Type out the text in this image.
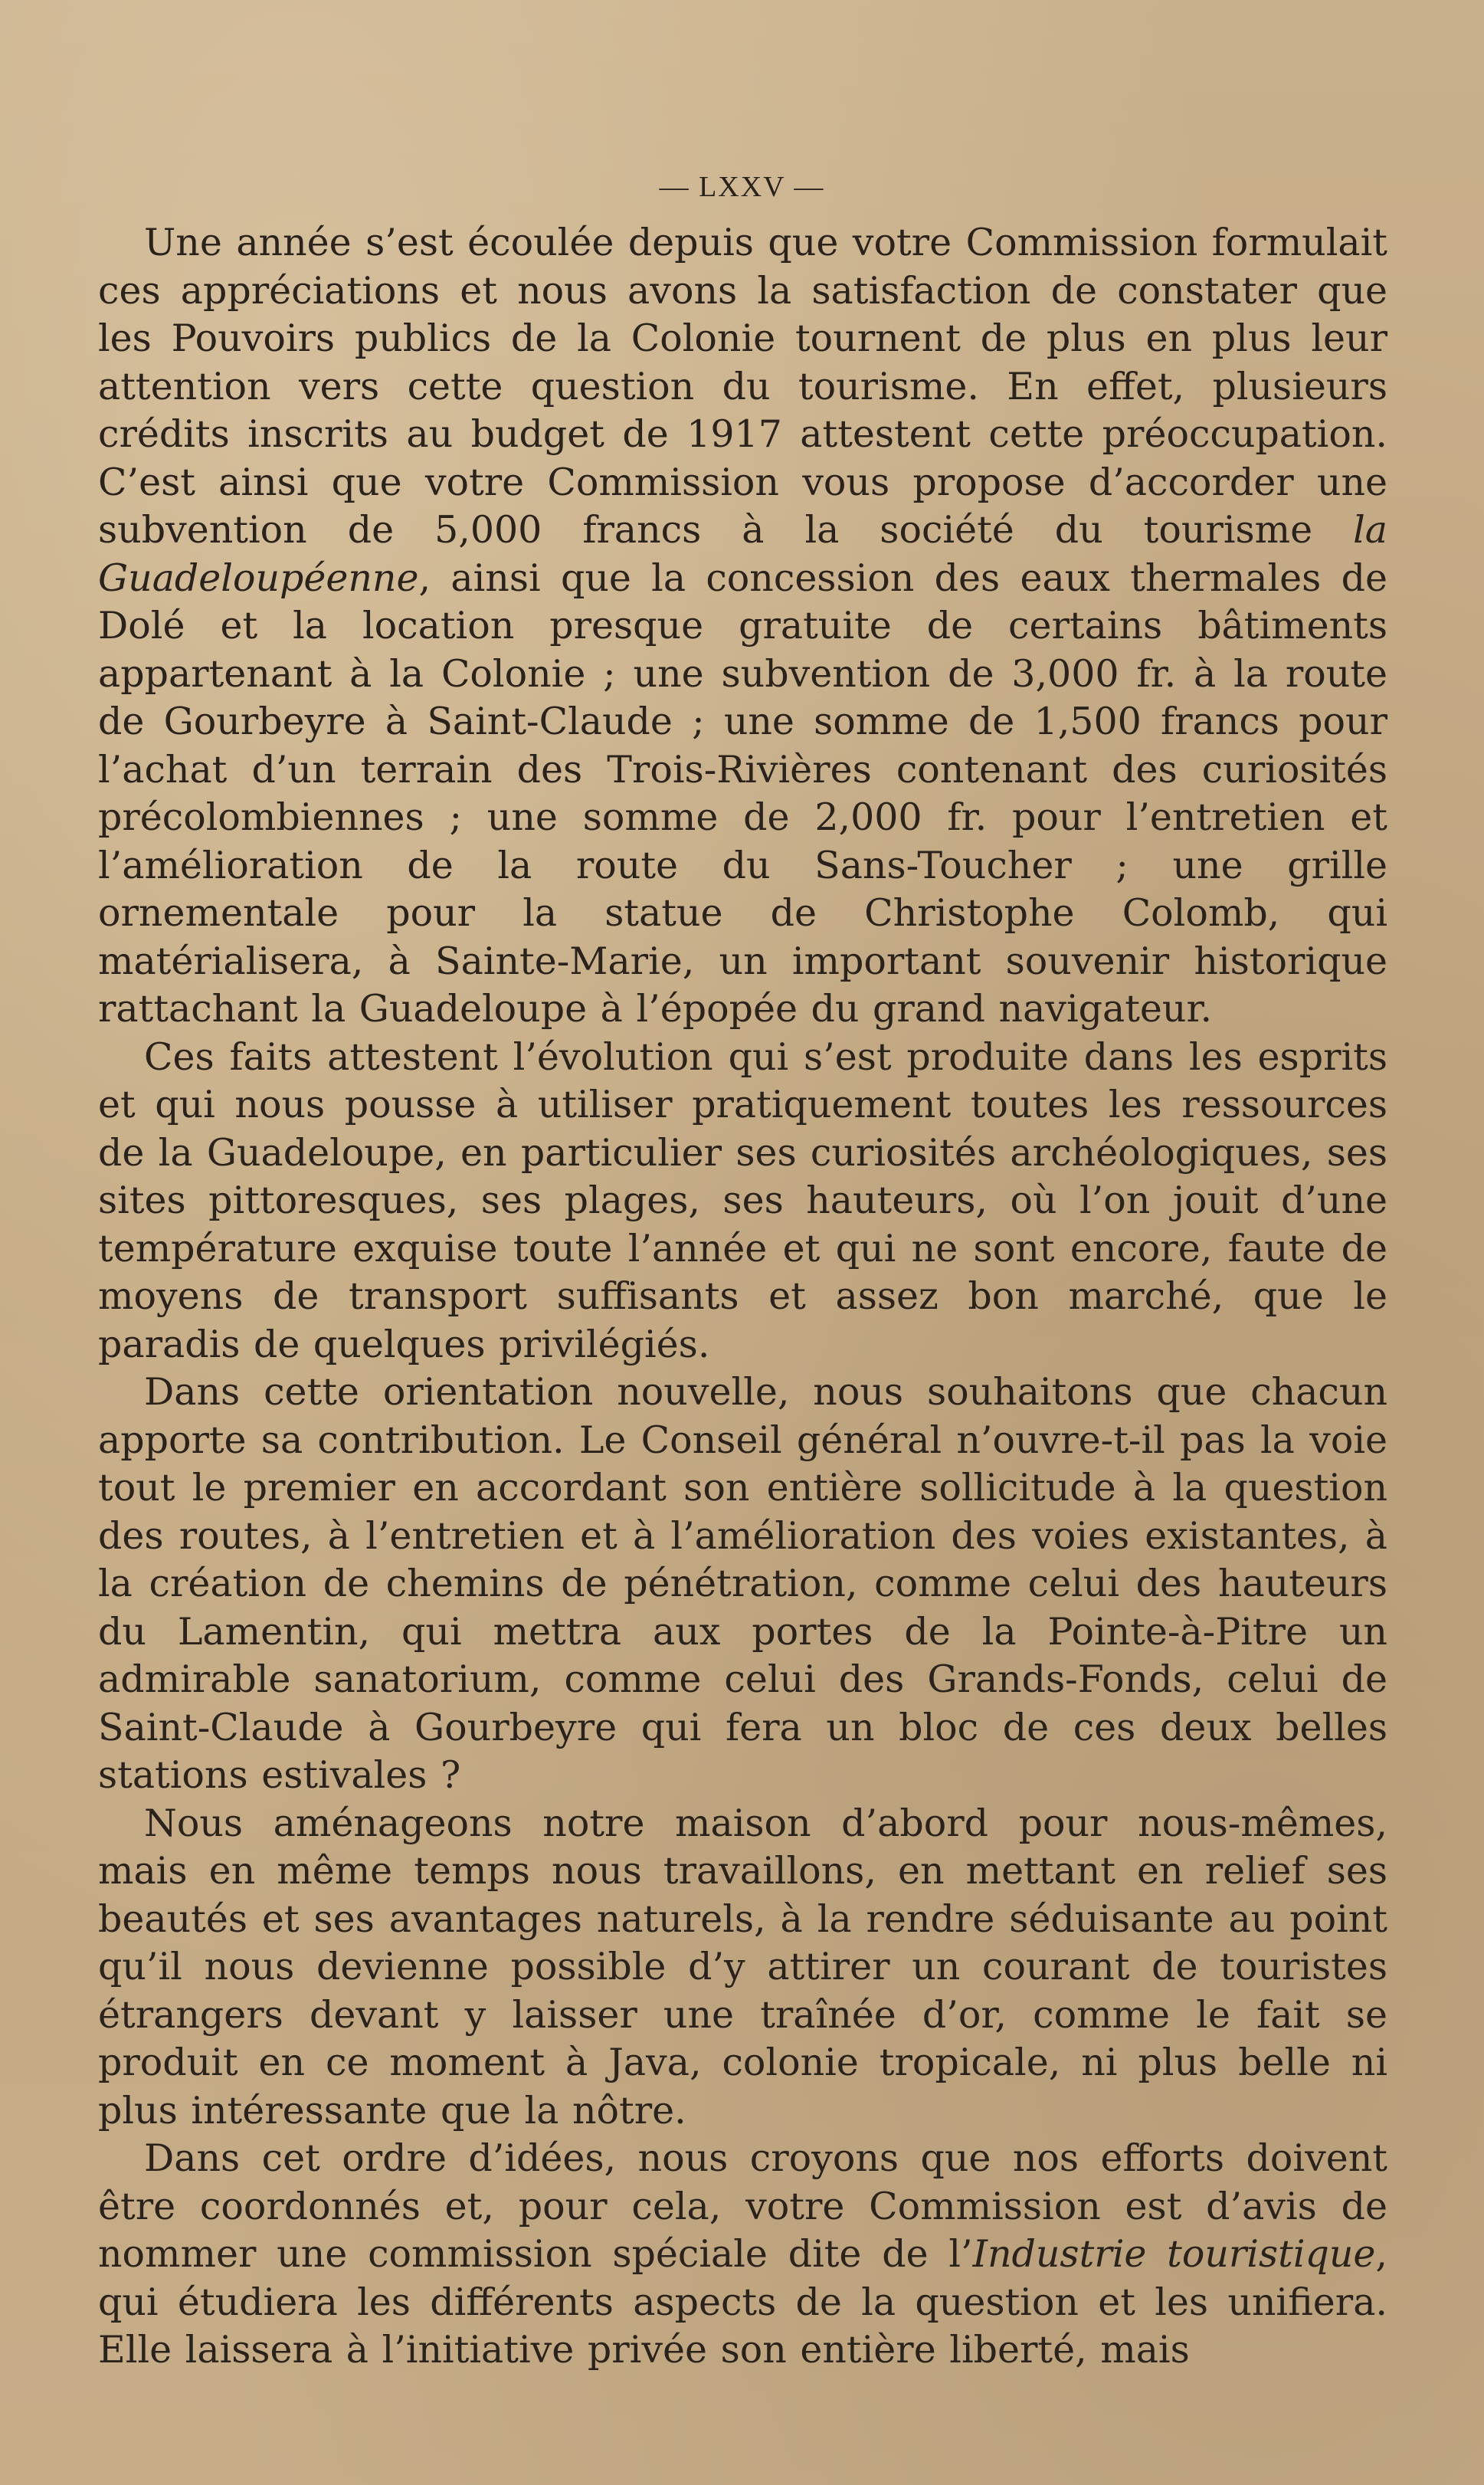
— LXXV —

Une année s’est écoulée depuis que votre Commission formulait ces appréciations et nous avons la satisfaction de constater que les Pouvoirs publics de la Colonie tournent de plus en plus leur attention vers cette question du tourisme. En effet, plusieurs crédits inscrits au budget de 1917 attestent cette préoccupation. C’est ainsi que votre Commission vous propose d’accorder une subvention de 5,000 francs à la société du tourisme la Guadeloupéenne, ainsi que la concession des eaux thermales de Dolé et la location presque gratuite de certains bâtiments appartenant à la Colonie ; une subvention de 3,000 fr. à la route de Gourbeyre à Saint-Claude ; une somme de 1,500 francs pour l’achat d’un terrain des Trois-Rivières contenant des curiosités précolombiennes ; une somme de 2,000 fr. pour l’entretien et l’amélioration de la route du Sans-Toucher ; une grille ornementale pour la statue de Christophe Colomb, qui matérialisera, à Sainte-Marie, un important souvenir historique rattachant la Guadeloupe à l’épopée du grand navigateur.

Ces faits attestent l’évolution qui s’est produite dans les esprits et qui nous pousse à utiliser pratiquement toutes les ressources de la Guadeloupe, en particulier ses curiosités archéologiques, ses sites pittoresques, ses plages, ses hauteurs, où l’on jouit d’une température exquise toute l’année et qui ne sont encore, faute de moyens de transport suffisants et assez bon marché, que le paradis de quelques privilégiés.

Dans cette orientation nouvelle, nous souhaitons que chacun apporte sa contribution. Le Conseil général n’ouvre-t-il pas la voie tout le premier en accordant son entière sollicitude à la question des routes, à l’entretien et à l’amélioration des voies existantes, à la création de chemins de pénétration, comme celui des hauteurs du Lamentin, qui mettra aux portes de la Pointe-à-Pitre un admirable sanatorium, comme celui des Grands-Fonds, celui de Saint-Claude à Gourbeyre qui fera un bloc de ces deux belles stations estivales ?

Nous aménageons notre maison d’abord pour nous-mêmes, mais en même temps nous travaillons, en mettant en relief ses beautés et ses avantages naturels, à la rendre séduisante au point qu’il nous devienne possible d’y attirer un courant de touristes étrangers devant y laisser une traînée d’or, comme le fait se produit en ce moment à Java, colonie tropicale, ni plus belle ni plus intéressante que la nôtre.

Dans cet ordre d’idées, nous croyons que nos efforts doivent être coordonnés et, pour cela, votre Commission est d’avis de nommer une commission spéciale dite de l’Industrie touristique, qui étudiera les différents aspects de la question et les unifiera. Elle laissera à l’initiative privée son entière liberté, mais
